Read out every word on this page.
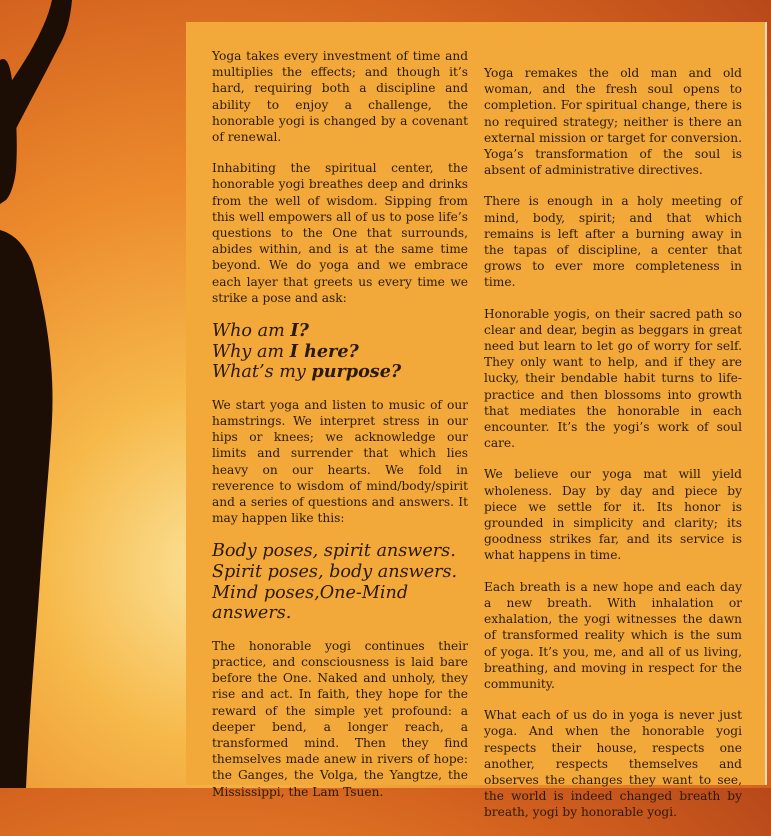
Yoga takes every investment of time and multiplies the effects; and though it’s hard, requiring both a discipline and ability to enjoy a challenge, the honorable yogi is changed by a covenant of renewal.

Inhabiting the spiritual center, the honorable yogi breathes deep and drinks from the well of wisdom. Sipping from this well empowers all of us to pose life’s questions to the One that surrounds, abides within, and is at the same time beyond. We do yoga and we embrace each layer that greets us every time we strike a pose and ask:

Who am I?
Why am I here?
What’s my purpose?

We start yoga and listen to music of our hamstrings. We interpret stress in our hips or knees; we acknowledge our limits and surrender that which lies heavy on our hearts. We fold in reverence to wisdom of mind/body/spirit and a series of questions and answers. It may happen like this:

Body poses, spirit answers.
Spirit poses, body answers.
Mind poses,One-Mind answers.

The honorable yogi continues their practice, and consciousness is laid bare before the One. Naked and unholy, they rise and act. In faith, they hope for the reward of the simple yet profound: a deeper bend, a longer reach, a transformed mind. Then they find themselves made anew in rivers of hope: the Ganges, the Volga, the Yangtze, the Mississippi, the Lam Tsuen.

Yoga remakes the old man and old woman, and the fresh soul opens to completion. For spiritual change, there is no required strategy; neither is there an external mission or target for conversion. Yoga’s transformation of the soul is absent of administrative directives.

There is enough in a holy meeting of mind, body, spirit; and that which remains is left after a burning away in the tapas of discipline, a center that grows to ever more completeness in time.

Honorable yogis, on their sacred path so clear and dear, begin as beggars in great need but learn to let go of worry for self. They only want to help, and if they are lucky, their bendable habit turns to life-practice and then blossoms into growth that mediates the honorable in each encounter. It’s the yogi’s work of soul care.

We believe our yoga mat will yield wholeness. Day by day and piece by piece we settle for it. Its honor is grounded in simplicity and clarity; its goodness strikes far, and its service is what happens in time.

Each breath is a new hope and each day a new breath. With inhalation or exhalation, the yogi witnesses the dawn of transformed reality which is the sum of yoga. It’s you, me, and all of us living, breathing, and moving in respect for the community.

What each of us do in yoga is never just yoga. And when the honorable yogi respects their house, respects one another, respects themselves and observes the changes they want to see, the world is indeed changed breath by breath, yogi by honorable yogi.
